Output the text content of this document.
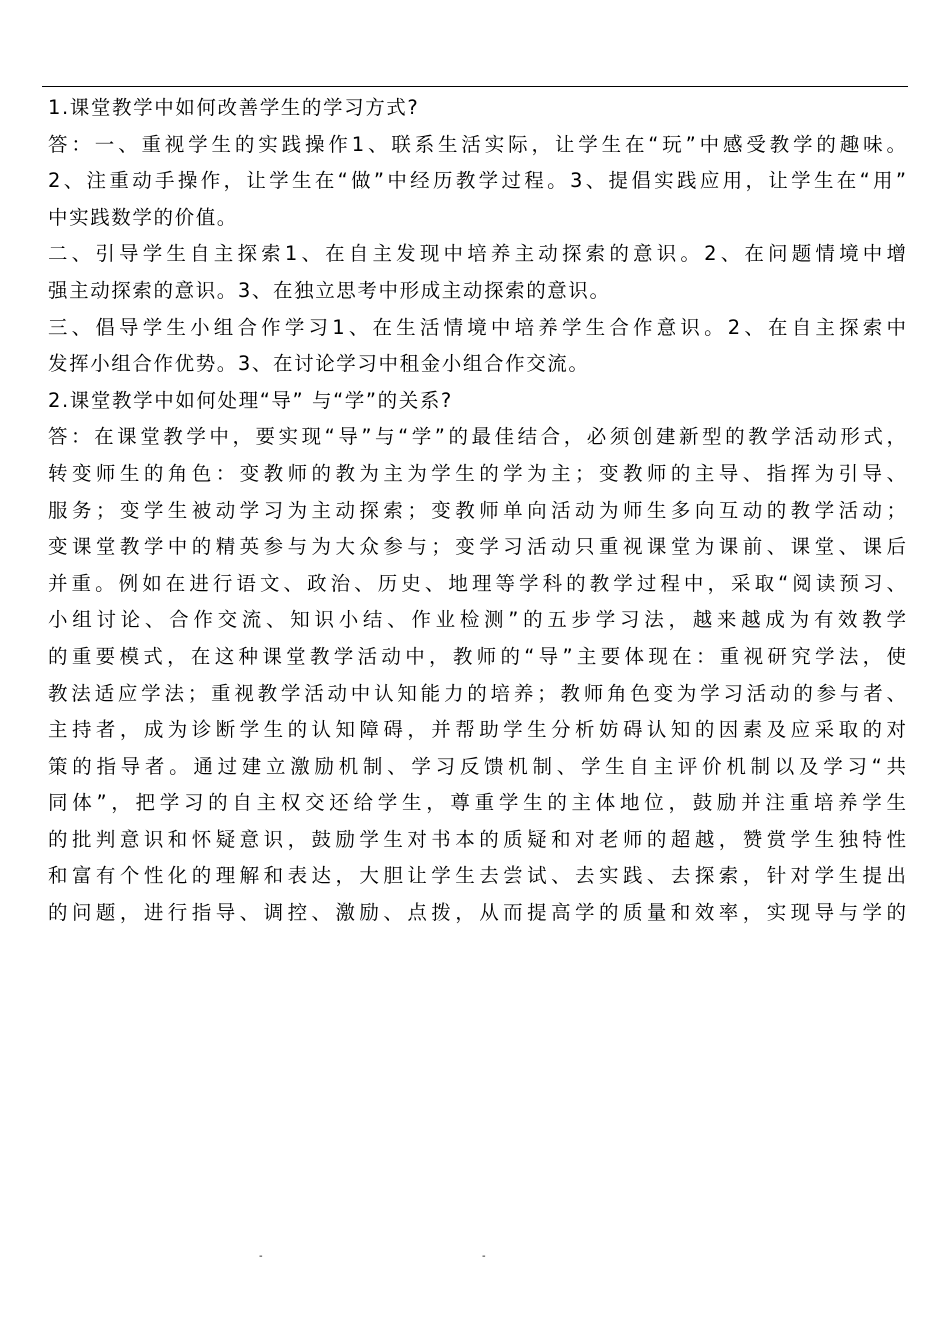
1.课堂教学中如何改善学生的学习方式?
答：一、重视学生的实践操作1、联系生活实际，让学生在“玩”中感受教学的趣味。
2、注重动手操作，让学生在“做”中经历教学过程。3、提倡实践应用，让学生在“用”
中实践数学的价值。
二、引导学生自主探索1、在自主发现中培养主动探索的意识。2、在问题情境中增
强主动探索的意识。3、在独立思考中形成主动探索的意识。
三、倡导学生小组合作学习1、在生活情境中培养学生合作意识。2、在自主探索中
发挥小组合作优势。3、在讨论学习中租金小组合作交流。
2.课堂教学中如何处理“导” 与“学”的关系?
答：在课堂教学中，要实现“导”与“学”的最佳结合，必须创建新型的教学活动形式，
转变师生的角色：变教师的教为主为学生的学为主；变教师的主导、指挥为引导、
服务；变学生被动学习为主动探索；变教师单向活动为师生多向互动的教学活动；
变课堂教学中的精英参与为大众参与；变学习活动只重视课堂为课前、课堂、课后
并重。例如在进行语文、政治、历史、地理等学科的教学过程中，采取“阅读预习、
小组讨论、合作交流、知识小结、作业检测”的五步学习法，越来越成为有效教学
的重要模式，在这种课堂教学活动中，教师的“导”主要体现在：重视研究学法，使
教法适应学法；重视教学活动中认知能力的培养；教师角色变为学习活动的参与者、
主持者，成为诊断学生的认知障碍，并帮助学生分析妨碍认知的因素及应采取的对
策的指导者。通过建立激励机制、学习反馈机制、学生自主评价机制以及学习“共
同体”，把学习的自主权交还给学生，尊重学生的主体地位，鼓励并注重培养学生
的批判意识和怀疑意识，鼓励学生对书本的质疑和对老师的超越，赞赏学生独特性
和富有个性化的理解和表达，大胆让学生去尝试、去实践、去探索，针对学生提出
的问题，进行指导、调控、激励、点拨，从而提高学的质量和效率，实现导与学的
-	-
